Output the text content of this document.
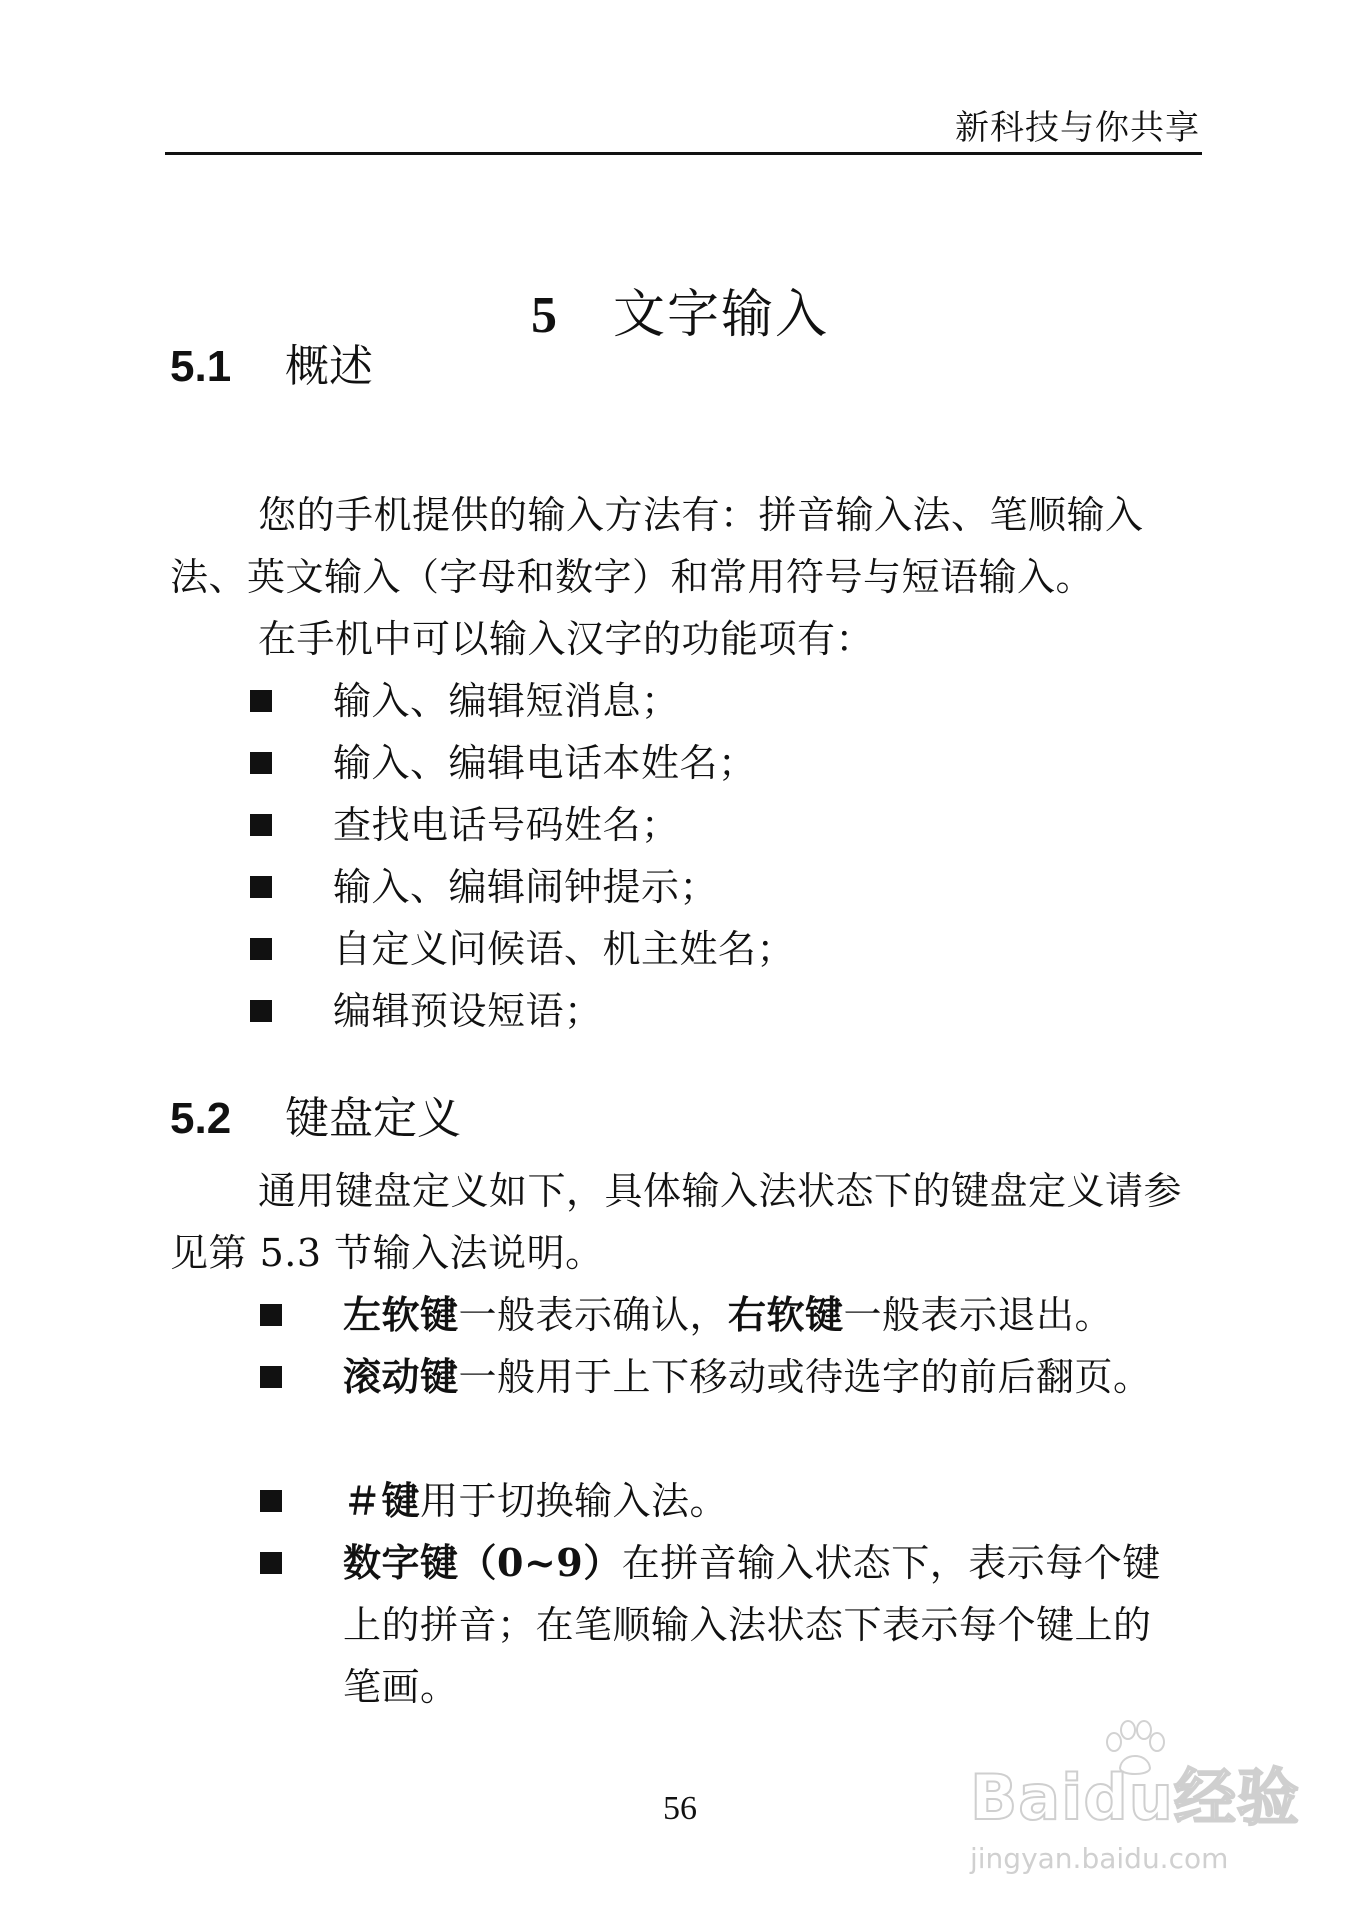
新科技与你共享
5 文字输入
5.1 概述
您的手机提供的输入方法有：拼音输入法、笔顺输入法、英文输入（字母和数字）和常用符号与短语输入。
在手机中可以输入汉字的功能项有：
输入、编辑短消息；
输入、编辑电话本姓名；
查找电话号码姓名；
输入、编辑闹钟提示；
自定义问候语、机主姓名；
编辑预设短语；
5.2 键盘定义
通用键盘定义如下，具体输入法状态下的键盘定义请参见第 5.3 节输入法说明。
左软键一般表示确认，右软键一般表示退出。
滚动键一般用于上下移动或待选字的前后翻页。
＃键用于切换输入法。
数字键（0~9）在拼音输入状态下，表示每个键上的拼音；在笔顺输入法状态下表示每个键上的笔画。
56	Baidu经验
jingyan.baidu.com
